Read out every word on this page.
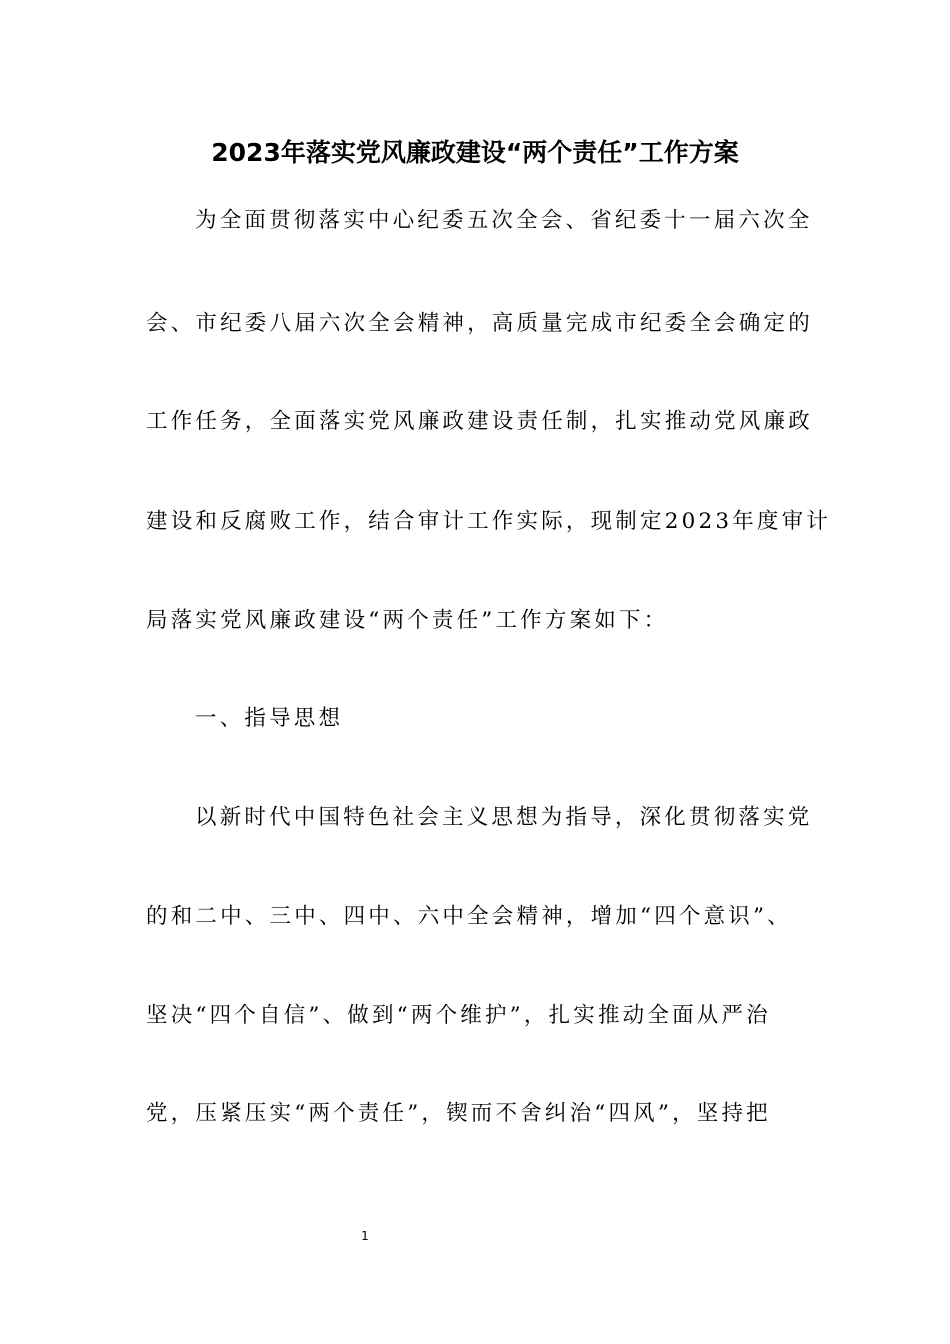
2023年落实党风廉政建设“两个责任”工作方案
为全面贯彻落实中心纪委五次全会、省纪委十一届六次全
会、市纪委八届六次全会精神，高质量完成市纪委全会确定的
工作任务，全面落实党风廉政建设责任制，扎实推动党风廉政
建设和反腐败工作，结合审计工作实际，现制定2023年度审计
局落实党风廉政建设“两个责任”工作方案如下：
一、指导思想
以新时代中国特色社会主义思想为指导，深化贯彻落实党
的和二中、三中、四中、六中全会精神，增加“四个意识”、
坚决“四个自信”、做到“两个维护”，扎实推动全面从严治
党，压紧压实“两个责任”，锲而不舍纠治“四风”，坚持把
1
